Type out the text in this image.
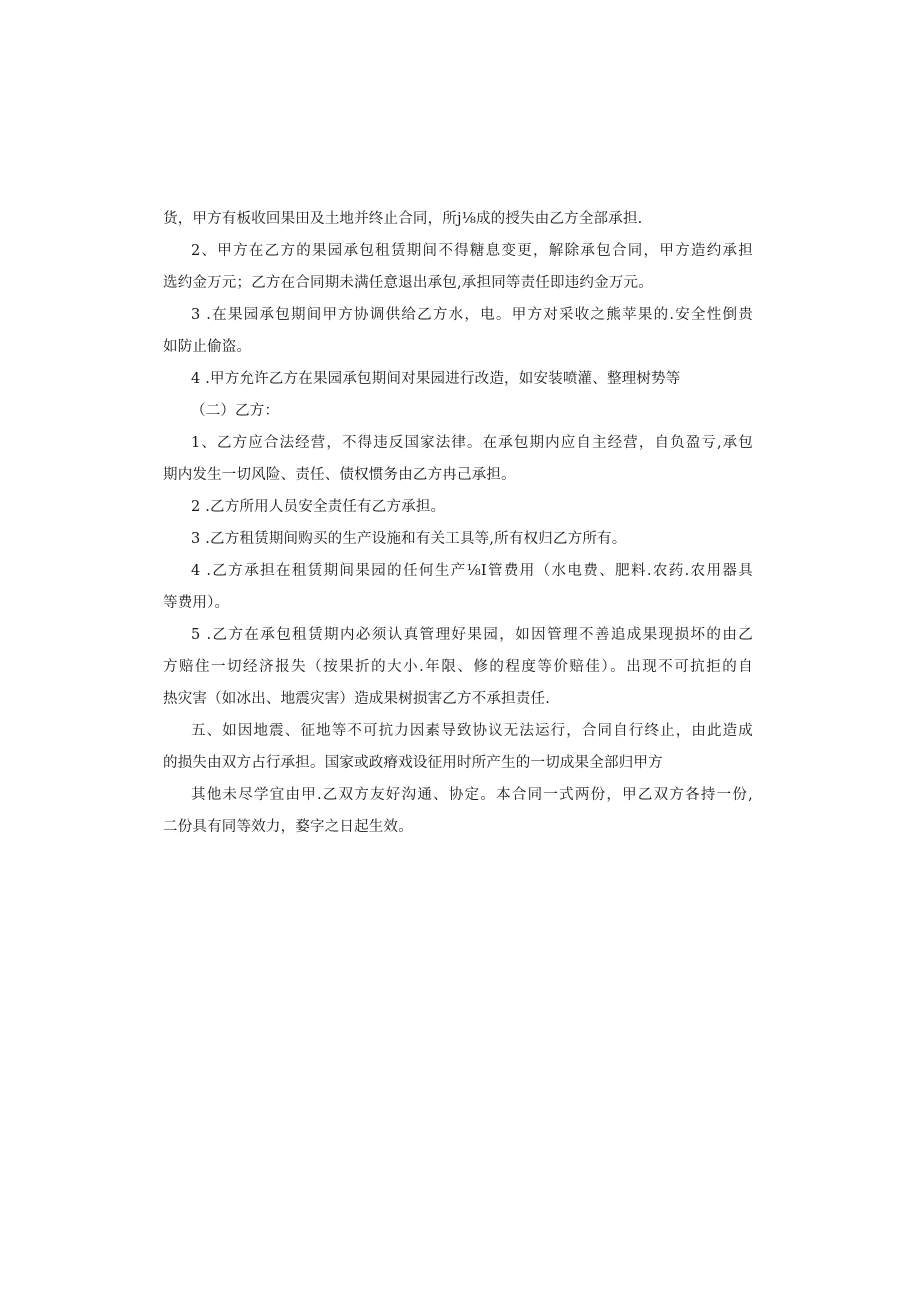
货，甲方有板收回果田及土地并终止合同，所j⅛成的授失由乙方全部承担.
2、甲方在乙方的果园承包租赁期间不得糖息变更，解除承包合同，甲方造约承担
选约金万元；乙方在合同期未满任意退出承包,承担同等责任即违约金万元。
3 .在果园承包期间甲方协调供给乙方水，电。甲方对采收之熊苹果的.安全性倒贵
如防止偷盗。
4 .甲方允许乙方在果园承包期间对果园进行改造，如安装喷灌、整理树势等
（二）乙方：
1、乙方应合法经营，不得违反国家法律。在承包期内应自主经营，自负盈亏,承包
期内发生一切风险、责任、债权惯务由乙方冉己承担。
2 .乙方所用人员安全责任有乙方承担。
3 .乙方租赁期间购买的生产设施和有关工具等,所有权归乙方所有。
4 .乙方承担在租赁期间果园的任何生产⅛I管费用（水电费、肥料.农药.农用器具
等费用）。
5 .乙方在承包租赁期内必须认真管理好果园，如因管理不善追成果现损坏的由乙
方赔住一切经济报失（按果折的大小.年限、修的程度等价赔佳）。出现不可抗拒的自
热灾害（如冰出、地震灾害）造成果树损害乙方不承担责任.
五、如因地震、征地等不可抗力因素导致协议无法运行，合同自行终止，由此造成
的损失由双方占行承担。国家或政瘠戏设征用时所产生的一切成果全部归甲方
其他未尽学宜由甲.乙双方友好沟通、协定。本合同一式两份，甲乙双方各持一份,
二份具有同等效力，婺字之日起生效。
